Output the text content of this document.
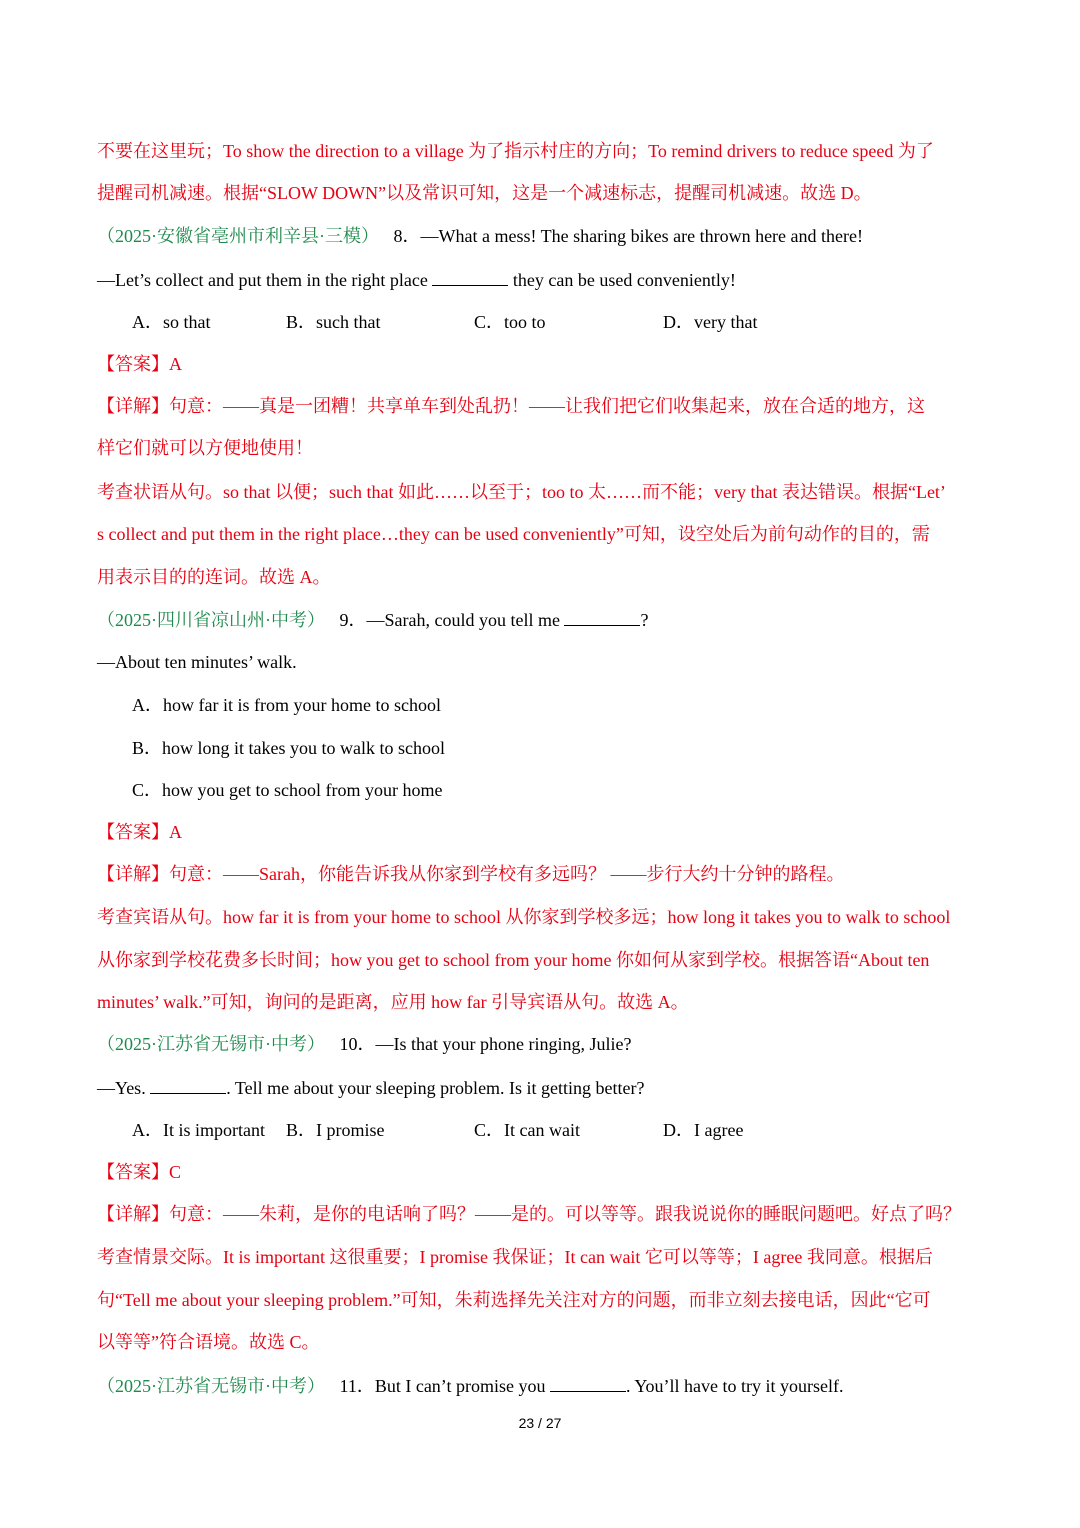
不要在这里玩；To show the direction to a village 为了指示村庄的方向；To remind drivers to reduce speed 为了
提醒司机减速。根据“SLOW DOWN”以及常识可知，这是一个减速标志，提醒司机减速。故选 D。
（2025·安徽省亳州市利辛县·三模） 8．—What a mess! The sharing bikes are thrown here and there!
—Let’s collect and put them in the right place	they can be used conveniently!
A．so that	B．such that	C．too to	D．very that
【答案】A
【详解】句意：——真是一团糟！共享单车到处乱扔！——让我们把它们收集起来，放在合适的地方，这
样它们就可以方便地使用！
考查状语从句。so that 以便；such that 如此……以至于；too to 太……而不能；very that 表达错误。根据“Let’
s collect and put them in the right place…they can be used conveniently”可知，设空处后为前句动作的目的，需
用表示目的的连词。故选 A。
（2025·四川省凉山州·中考） 9．—Sarah, could you tell me	?
—About ten minutes’ walk.
A．how far it is from your home to school
B．how long it takes you to walk to school
C．how you get to school from your home
【答案】A
【详解】句意：——Sarah，你能告诉我从你家到学校有多远吗？ ——步行大约十分钟的路程。
考查宾语从句。how far it is from your home to school 从你家到学校多远；how long it takes you to walk to school
从你家到学校花费多长时间；how you get to school from your home 你如何从家到学校。根据答语“About ten
minutes’ walk.”可知，询问的是距离，应用 how far 引导宾语从句。故选 A。
（2025·江苏省无锡市·中考） 10．—Is that your phone ringing, Julie?
—Yes.	. Tell me about your sleeping problem. Is it getting better?
A．It is important B．I promise	C．It can wait	D．I agree
【答案】C
【详解】句意：——朱莉，是你的电话响了吗？——是的。可以等等。跟我说说你的睡眠问题吧。好点了吗？
考查情景交际。It is important 这很重要；I promise 我保证；It can wait 它可以等等；I agree 我同意。根据后
句“Tell me about your sleeping problem.”可知，朱莉选择先关注对方的问题，而非立刻去接电话，因此“它可
以等等”符合语境。故选 C。
（2025·江苏省无锡市·中考） 11．But I can’t promise you	. You’ll have to try it yourself.
23 / 27
